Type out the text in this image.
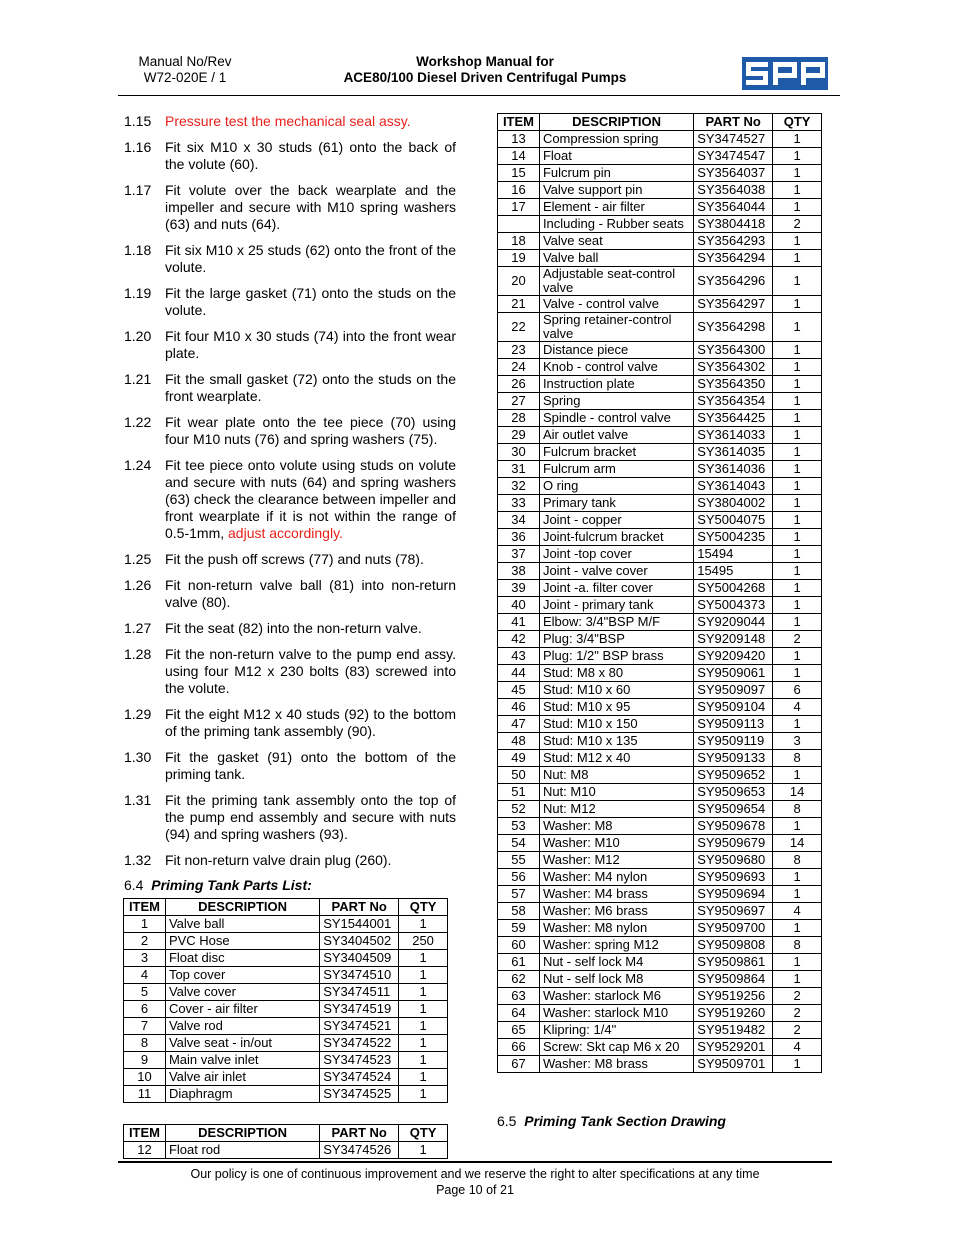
Manual No/Rev
W72-020E / 1
Workshop Manual for
ACE80/100 Diesel Driven Centrifugal Pumps
1.15 Pressure test the mechanical seal assy.
1.16 Fit six M10 x 30 studs (61) onto the back of the volute (60).
1.17 Fit volute over the back wearplate and the impeller and secure with M10 spring washers (63) and nuts (64).
1.18 Fit six M10 x 25 studs (62) onto the front of the volute.
1.19 Fit the large gasket (71) onto the studs on the volute.
1.20 Fit four M10 x 30 studs (74) into the front wear plate.
1.21 Fit the small gasket (72) onto the studs on the front wearplate.
1.22 Fit wear plate onto the tee piece (70) using four M10 nuts (76) and spring washers (75).
1.24 Fit tee piece onto volute using studs on volute and secure with nuts (64) and spring washers (63) check the clearance between impeller and front wearplate if it is not within the range of 0.5-1mm, adjust accordingly.
1.25 Fit the push off screws (77) and nuts (78).
1.26 Fit non-return valve ball (81) into non-return valve (80).
1.27 Fit the seat (82) into the non-return valve.
1.28 Fit the non-return valve to the pump end assy. using four M12 x 230 bolts (83) screwed into the volute.
1.29 Fit the eight M12 x 40 studs (92) to the bottom of the priming tank assembly (90).
1.30 Fit the gasket (91) onto the bottom of the priming tank.
1.31 Fit the priming tank assembly onto the top of the pump end assembly and secure with nuts (94) and spring washers (93).
1.32 Fit non-return valve drain plug (260).
6.4 Priming Tank Parts List:
ITEM	DESCRIPTION	PART No	QTY
1	Valve ball	SY1544001	1
2	PVC Hose	SY3404502	250
3	Float disc	SY3404509	1
4	Top cover	SY3474510	1
5	Valve cover	SY3474511	1
6	Cover - air filter	SY3474519	1
7	Valve rod	SY3474521	1
8	Valve seat - in/out	SY3474522	1
9	Main valve inlet	SY3474523	1
10	Valve air inlet	SY3474524	1
11	Diaphragm	SY3474525	1
ITEM	DESCRIPTION	PART No	QTY
12	Float rod	SY3474526	1
ITEM	DESCRIPTION	PART No	QTY
13	Compression spring	SY3474527	1
14	Float	SY3474547	1
15	Fulcrum pin	SY3564037	1
16	Valve support pin	SY3564038	1
17	Element - air filter	SY3564044	1
	Including - Rubber seats	SY3804418	2
18	Valve seat	SY3564293	1
19	Valve ball	SY3564294	1
20	Adjustable seat-control valve	SY3564296	1
21	Valve - control valve	SY3564297	1
22	Spring retainer-control valve	SY3564298	1
23	Distance piece	SY3564300	1
24	Knob - control valve	SY3564302	1
26	Instruction plate	SY3564350	1
27	Spring	SY3564354	1
28	Spindle - control valve	SY3564425	1
29	Air outlet valve	SY3614033	1
30	Fulcrum bracket	SY3614035	1
31	Fulcrum arm	SY3614036	1
32	O ring	SY3614043	1
33	Primary tank	SY3804002	1
34	Joint - copper	SY5004075	1
36	Joint-fulcrum bracket	SY5004235	1
37	Joint -top cover	15494	1
38	Joint - valve cover	15495	1
39	Joint -a. filter cover	SY5004268	1
40	Joint - primary tank	SY5004373	1
41	Elbow: 3/4"BSP M/F	SY9209044	1
42	Plug: 3/4"BSP	SY9209148	2
43	Plug: 1/2" BSP brass	SY9209420	1
44	Stud: M8 x 80	SY9509061	1
45	Stud: M10 x 60	SY9509097	6
46	Stud: M10 x 95	SY9509104	4
47	Stud: M10 x 150	SY9509113	1
48	Stud: M10 x 135	SY9509119	3
49	Stud: M12 x 40	SY9509133	8
50	Nut: M8	SY9509652	1
51	Nut: M10	SY9509653	14
52	Nut: M12	SY9509654	8
53	Washer: M8	SY9509678	1
54	Washer: M10	SY9509679	14
55	Washer: M12	SY9509680	8
56	Washer: M4 nylon	SY9509693	1
57	Washer: M4 brass	SY9509694	1
58	Washer: M6 brass	SY9509697	4
59	Washer: M8 nylon	SY9509700	1
60	Washer: spring M12	SY9509808	8
61	Nut - self lock M4	SY9509861	1
62	Nut - self lock M8	SY9509864	1
63	Washer: starlock M6	SY9519256	2
64	Washer: starlock M10	SY9519260	2
65	Klipring: 1/4"	SY9519482	2
66	Screw: Skt cap M6 x 20	SY9529201	4
67	Washer: M8 brass	SY9509701	1
6.5 Priming Tank Section Drawing
Our policy is one of continuous improvement and we reserve the right to alter specifications at any time
Page 10 of 21
